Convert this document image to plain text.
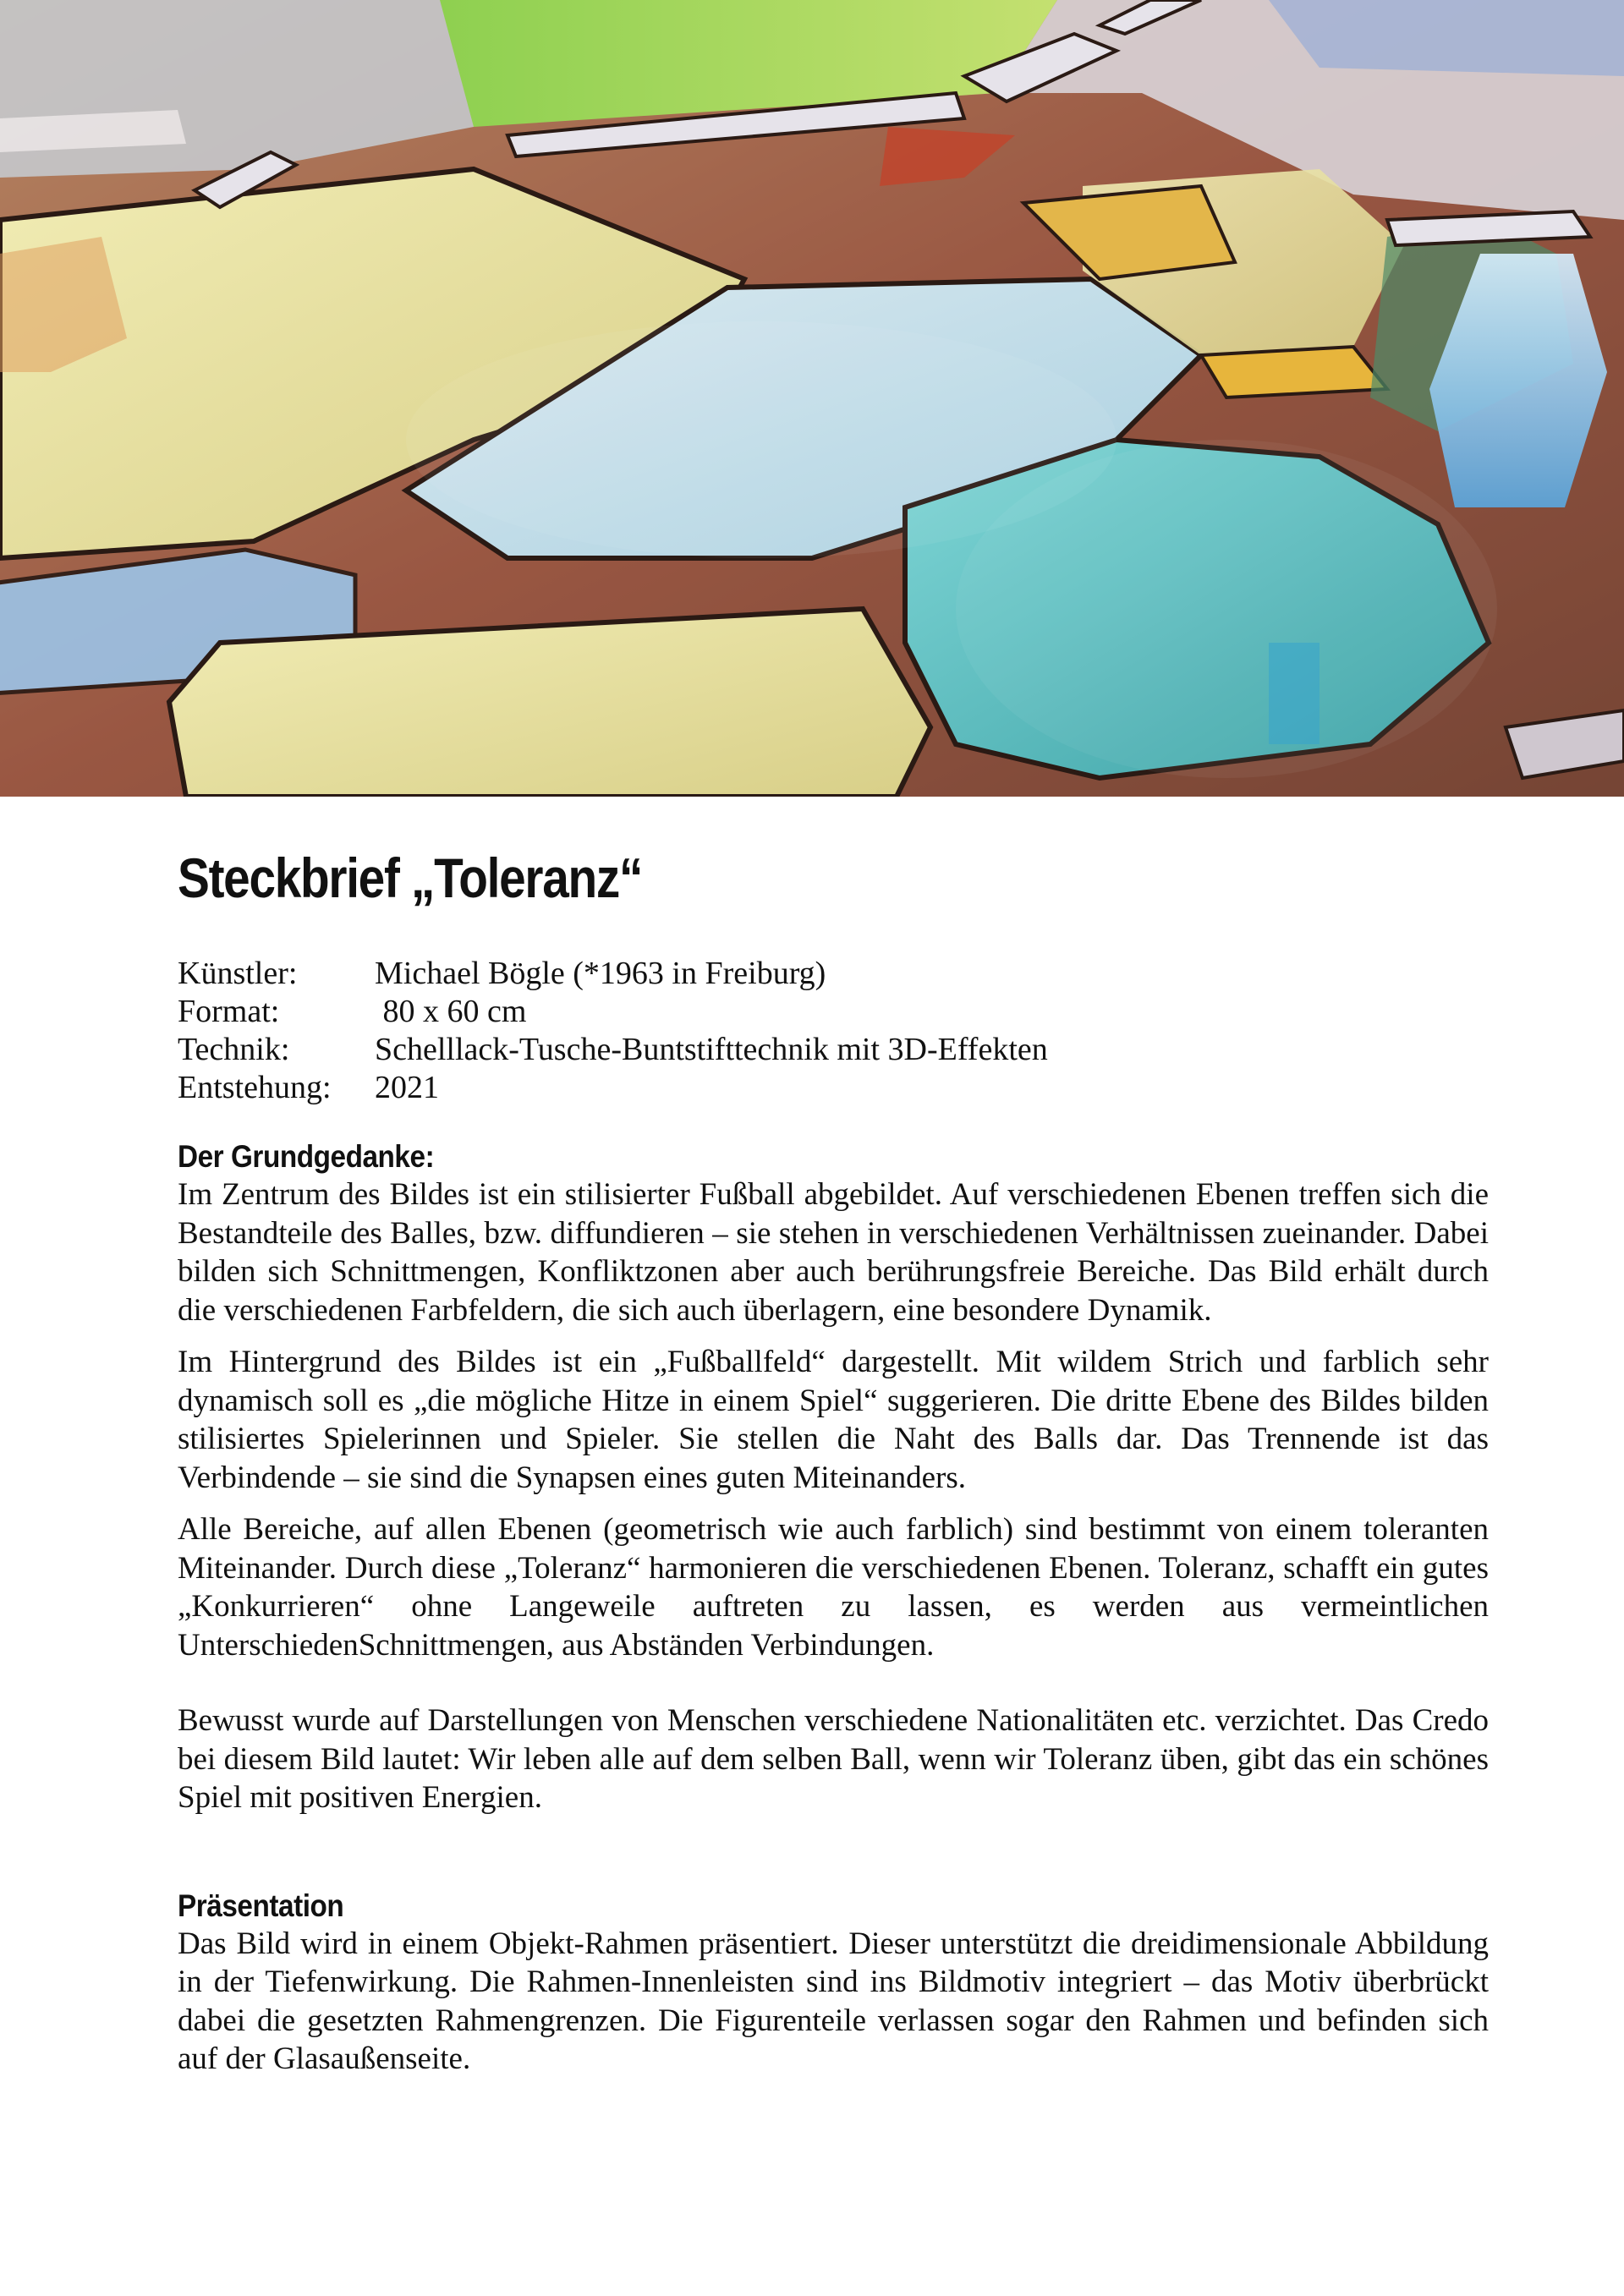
Steckbrief „Toleranz“
Künstler:	Michael Bögle (*1963 in Freiburg)
Format:	80 x 60 cm
Technik:	Schelllack-Tusche-Buntstifttechnik mit 3D-Effekten
Entstehung:	2021
Der Grundgedanke:

Im Zentrum des Bildes ist ein stilisierter Fußball abgebildet. Auf verschiedenen Ebenen treffen sich die Bestandteile des Balles, bzw. diffundieren – sie stehen in verschiedenen Verhältnissen zueinander. Dabei bilden sich Schnittmengen, Konfliktzonen aber auch berührungsfreie Bereiche. Das Bild erhält durch die verschiedenen Farbfeldern, die sich auch überlagern, eine besondere Dynamik.

Im Hintergrund des Bildes ist ein „Fußballfeld“ dargestellt. Mit wildem Strich und farblich sehr dynamisch soll es „die mögliche Hitze in einem Spiel“ suggerieren. Die dritte Ebene des Bildes bilden stilisiertes Spielerinnen und Spieler. Sie stellen die Naht des Balls dar. Das Trennende ist das Verbindende – sie sind die Synapsen eines guten Miteinanders.

Alle Bereiche, auf allen Ebenen (geometrisch wie auch farblich) sind bestimmt von einem toleranten Miteinander. Durch diese „Toleranz“ harmonieren die verschiedenen Ebenen. Toleranz, schafft ein gutes „Konkurrieren“ ohne Langeweile auftreten zu lassen, es werden aus vermeintlichen UnterschiedenSchnittmengen, aus Abständen Verbindungen.

Bewusst wurde auf Darstellungen von Menschen verschiedene Nationalitäten etc. verzichtet. Das Credo bei diesem Bild lautet: Wir leben alle auf dem selben Ball, wenn wir Toleranz üben, gibt das ein schönes Spiel mit positiven Energien.

Präsentation

Das Bild wird in einem Objekt-Rahmen präsentiert. Dieser unterstützt die dreidimensionale Abbildung in der Tiefenwirkung. Die Rahmen-Innenleisten sind ins Bildmotiv integriert – das Motiv überbrückt dabei die gesetzten Rahmengrenzen. Die Figurenteile verlassen sogar den Rahmen und befinden sich auf der Glasaußenseite.
